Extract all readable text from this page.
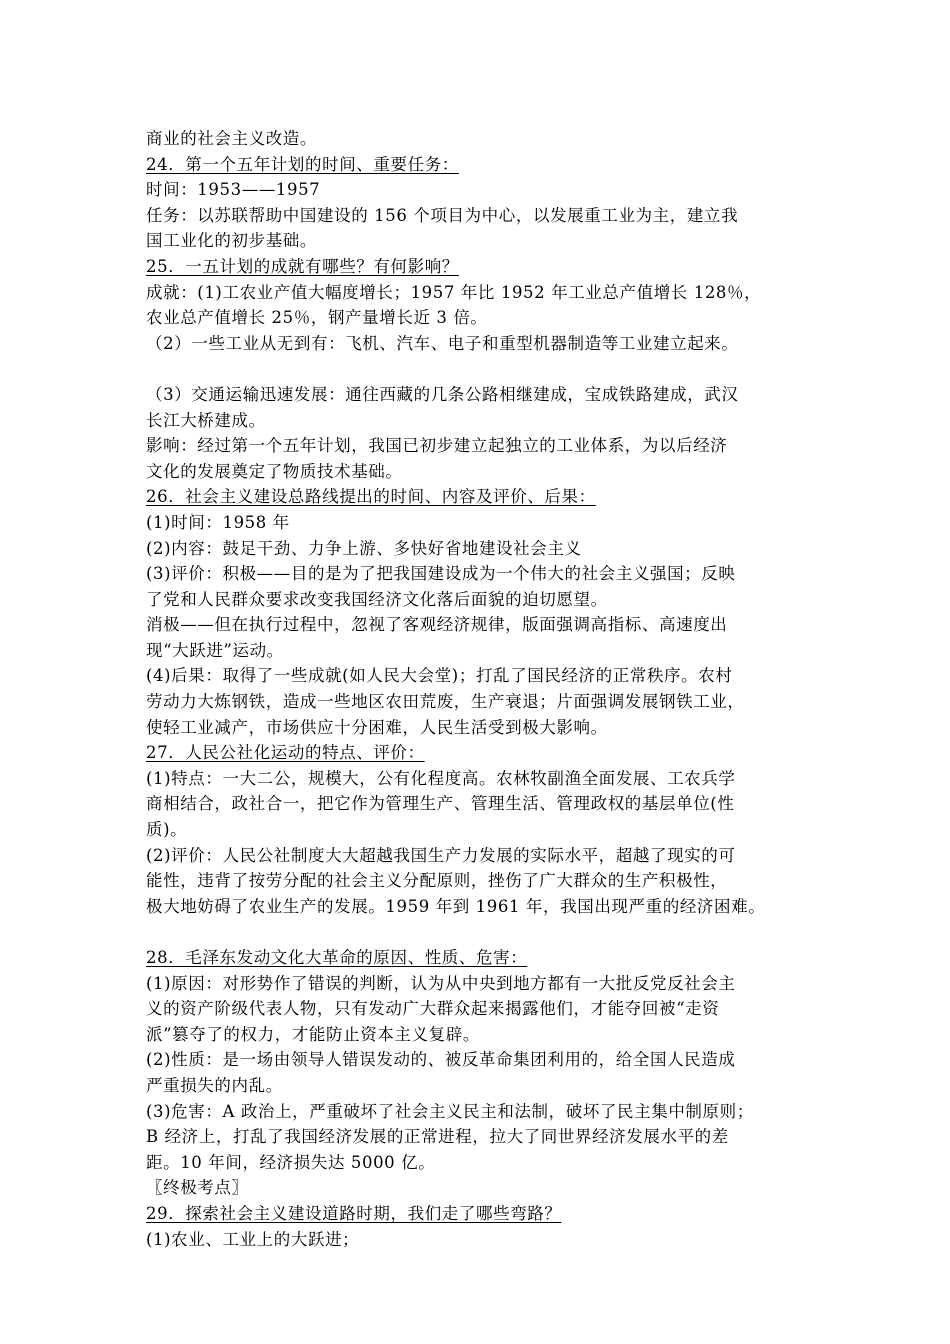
商业的社会主义改造。
24．第一个五年计划的时间、重要任务：
时间：1953——1957
任务：以苏联帮助中国建设的 156 个项目为中心，以发展重工业为主，建立我
国工业化的初步基础。
25．一五计划的成就有哪些？有何影响？
成就：(1)工农业产值大幅度增长；1957 年比 1952 年工业总产值增长 128％，
农业总产值增长 25％，钢产量增长近 3 倍。
（2）一些工业从无到有：飞机、汽车、电子和重型机器制造等工业建立起来。
（3）交通运输迅速发展：通往西藏的几条公路相继建成，宝成铁路建成，武汉
长江大桥建成。
影响：经过第一个五年计划，我国已初步建立起独立的工业体系，为以后经济
文化的发展奠定了物质技术基础。
26．社会主义建设总路线提出的时间、内容及评价、后果：
(1)时间：1958 年
(2)内容：鼓足干劲、力争上游、多快好省地建设社会主义
(3)评价：积极——目的是为了把我国建设成为一个伟大的社会主义强国；反映
了党和人民群众要求改变我国经济文化落后面貌的迫切愿望。
消极——但在执行过程中，忽视了客观经济规律，版面强调高指标、高速度出
现“大跃进”运动。
(4)后果：取得了一些成就(如人民大会堂)；打乱了国民经济的正常秩序。农村
劳动力大炼钢铁，造成一些地区农田荒废，生产衰退；片面强调发展钢铁工业，
使轻工业减产，市场供应十分困难，人民生活受到极大影响。
27．人民公社化运动的特点、评价：
(1)特点：一大二公，规模大，公有化程度高。农林牧副渔全面发展、工农兵学
商相结合，政社合一，把它作为管理生产、管理生活、管理政权的基层单位(性
质)。
(2)评价：人民公社制度大大超越我国生产力发展的实际水平，超越了现实的可
能性，违背了按劳分配的社会主义分配原则，挫伤了广大群众的生产积极性，
极大地妨碍了农业生产的发展。1959 年到 1961 年，我国出现严重的经济困难。
28．毛泽东发动文化大革命的原因、性质、危害：
(1)原因：对形势作了错误的判断，认为从中央到地方都有一大批反党反社会主
义的资产阶级代表人物，只有发动广大群众起来揭露他们，才能夺回被“走资
派”篡夺了的权力，才能防止资本主义复辟。
(2)性质：是一场由领导人错误发动的、被反革命集团利用的，给全国人民造成
严重损失的内乱。
(3)危害：A 政治上，严重破坏了社会主义民主和法制，破坏了民主集中制原则；
B 经济上，打乱了我国经济发展的正常进程，拉大了同世界经济发展水平的差
距。10 年间，经济损失达 5000 亿。
〖终极考点〗
29．探索社会主义建设道路时期，我们走了哪些弯路？
(1)农业、工业上的大跃进；
